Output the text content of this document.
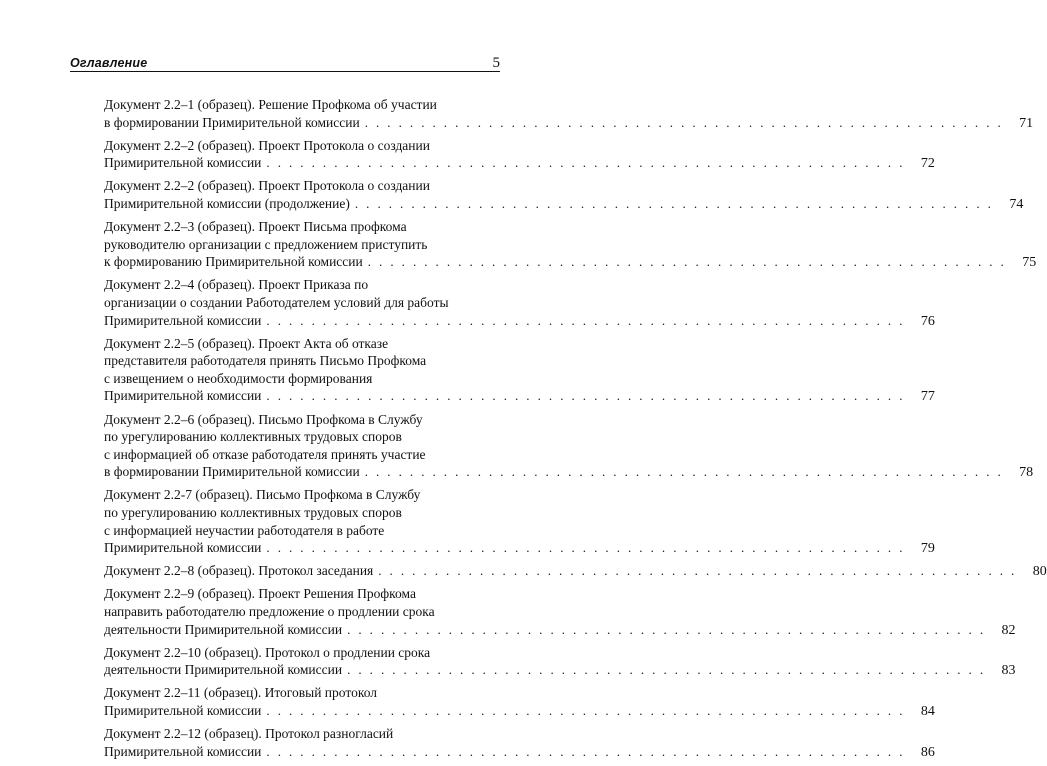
Оглавление	5
Документ 2.2–1 (образец). Решение Профкома об участии
в формировании Примирительной комиссии . . . . . . . . . . . . . . . . . . . . . . . . . . . . . . . . . . . . . . . . . . . . . . . . . . . . . . . . .	71
Документ 2.2–2 (образец). Проект Протокола о создании
Примирительной комиссии . . . . . . . . . . . . . . . . . . . . . . . . . . . . . . . . . . . . . . . . . . . . . . . . . . . . . . . . .	72
Документ 2.2–2 (образец). Проект Протокола о создании
Примирительной комиссии (продолжение) . . . . . . . . . . . . . . . . . . . . . . . . . . . . . . . . . . . . . . . . . . . . . . . . . . . . . . . . .	74
Документ 2.2–3 (образец). Проект Письма профкома
руководителю организации с предложением приступить
к формированию Примирительной комиссии . . . . . . . . . . . . . . . . . . . . . . . . . . . . . . . . . . . . . . . . . . . . . . . . . . . . . . . . .	75
Документ 2.2–4 (образец). Проект Приказа по
организации о создании Работодателем условий для работы
Примирительной комиссии . . . . . . . . . . . . . . . . . . . . . . . . . . . . . . . . . . . . . . . . . . . . . . . . . . . . . . . . .	76
Документ 2.2–5 (образец). Проект Акта об отказе
представителя работодателя принять Письмо Профкома
с извещением о необходимости формирования
Примирительной комиссии . . . . . . . . . . . . . . . . . . . . . . . . . . . . . . . . . . . . . . . . . . . . . . . . . . . . . . . . .	77
Документ 2.2–6 (образец). Письмо Профкома в Службу
по урегулированию коллективных трудовых споров
с информацией об отказе работодателя принять участие
в формировании Примирительной комиссии . . . . . . . . . . . . . . . . . . . . . . . . . . . . . . . . . . . . . . . . . . . . . . . . . . . . . . . . .	78
Документ 2.2-7 (образец). Письмо Профкома в Службу
по урегулированию коллективных трудовых споров
с информацией неучастии работодателя в работе
Примирительной комиссии . . . . . . . . . . . . . . . . . . . . . . . . . . . . . . . . . . . . . . . . . . . . . . . . . . . . . . . . .	79
Документ 2.2–8 (образец). Протокол заседания . . . . . . . . . . . . . . . . . . . . . . . . . . . . . . . . . . . . . . . . . . . . . . . . . . . . . . . . .	80
Документ 2.2–9 (образец). Проект Решения Профкома
направить работодателю предложение о продлении срока
деятельности Примирительной комиссии . . . . . . . . . . . . . . . . . . . . . . . . . . . . . . . . . . . . . . . . . . . . . . . . . . . . . . . . .	82
Документ 2.2–10 (образец). Протокол о продлении срока
деятельности Примирительной комиссии . . . . . . . . . . . . . . . . . . . . . . . . . . . . . . . . . . . . . . . . . . . . . . . . . . . . . . . . .	83
Документ 2.2–11 (образец). Итоговый протокол
Примирительной комиссии . . . . . . . . . . . . . . . . . . . . . . . . . . . . . . . . . . . . . . . . . . . . . . . . . . . . . . . . .	84
Документ 2.2–12 (образец). Протокол разногласий
Примирительной комиссии . . . . . . . . . . . . . . . . . . . . . . . . . . . . . . . . . . . . . . . . . . . . . . . . . . . . . . . . .	86
